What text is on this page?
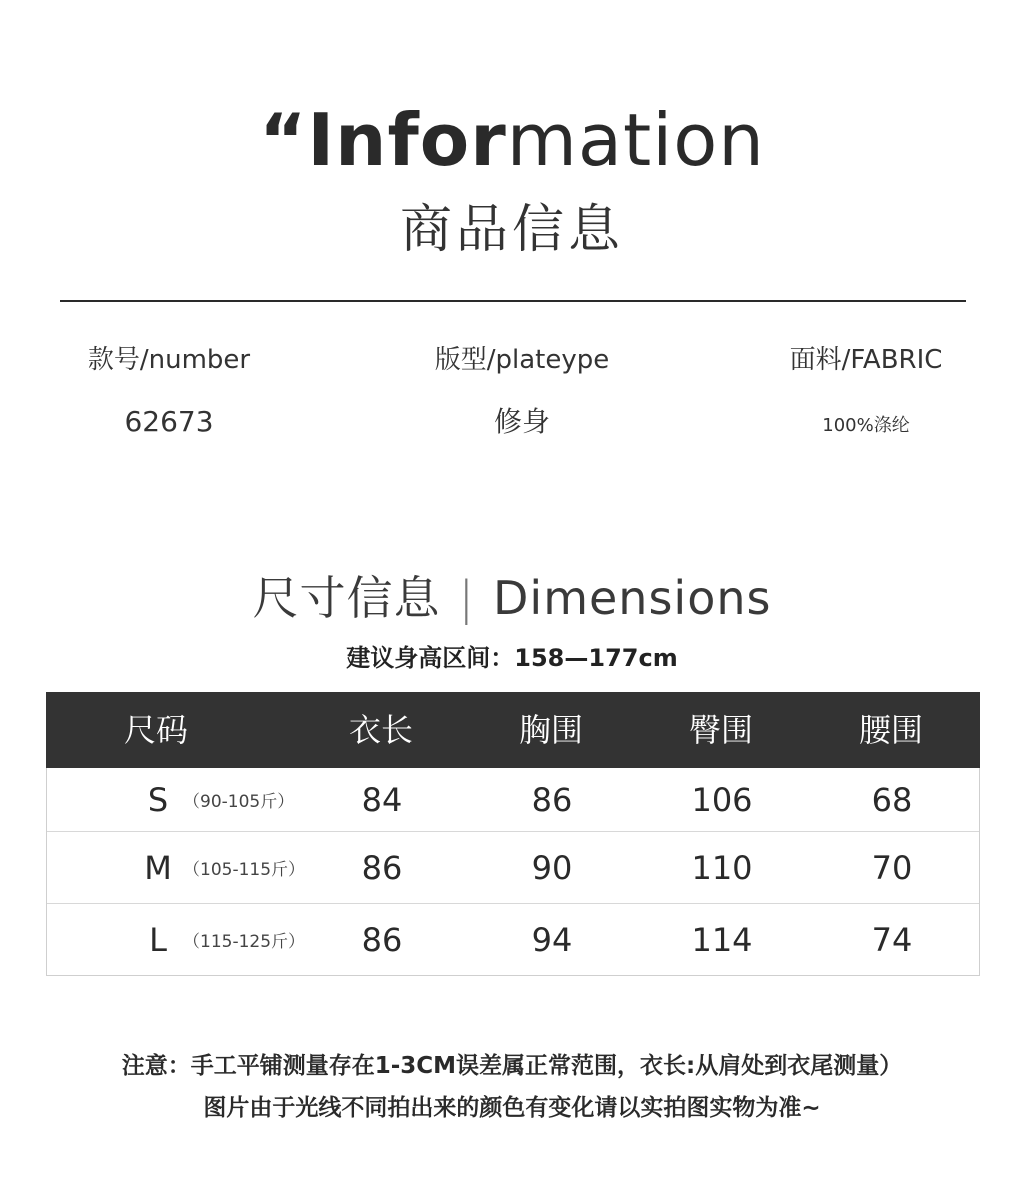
“Information
商品信息
款号/number
62673
版型/plateype
修身
面料/FABRIC
100%涤纶
尺寸信息 | Dimensions
建议身高区间：158—177cm
尺码	衣长	胸围	臀围	腰围
S （90-105斤）	84	86	106	68
M （105-115斤）	86	90	110	70
L （115-125斤）	86	94	114	74
注意：手工平铺测量存在1-3CM误差属正常范围，衣长:从肩处到衣尾测量）
图片由于光线不同拍出来的颜色有变化请以实拍图实物为准~
